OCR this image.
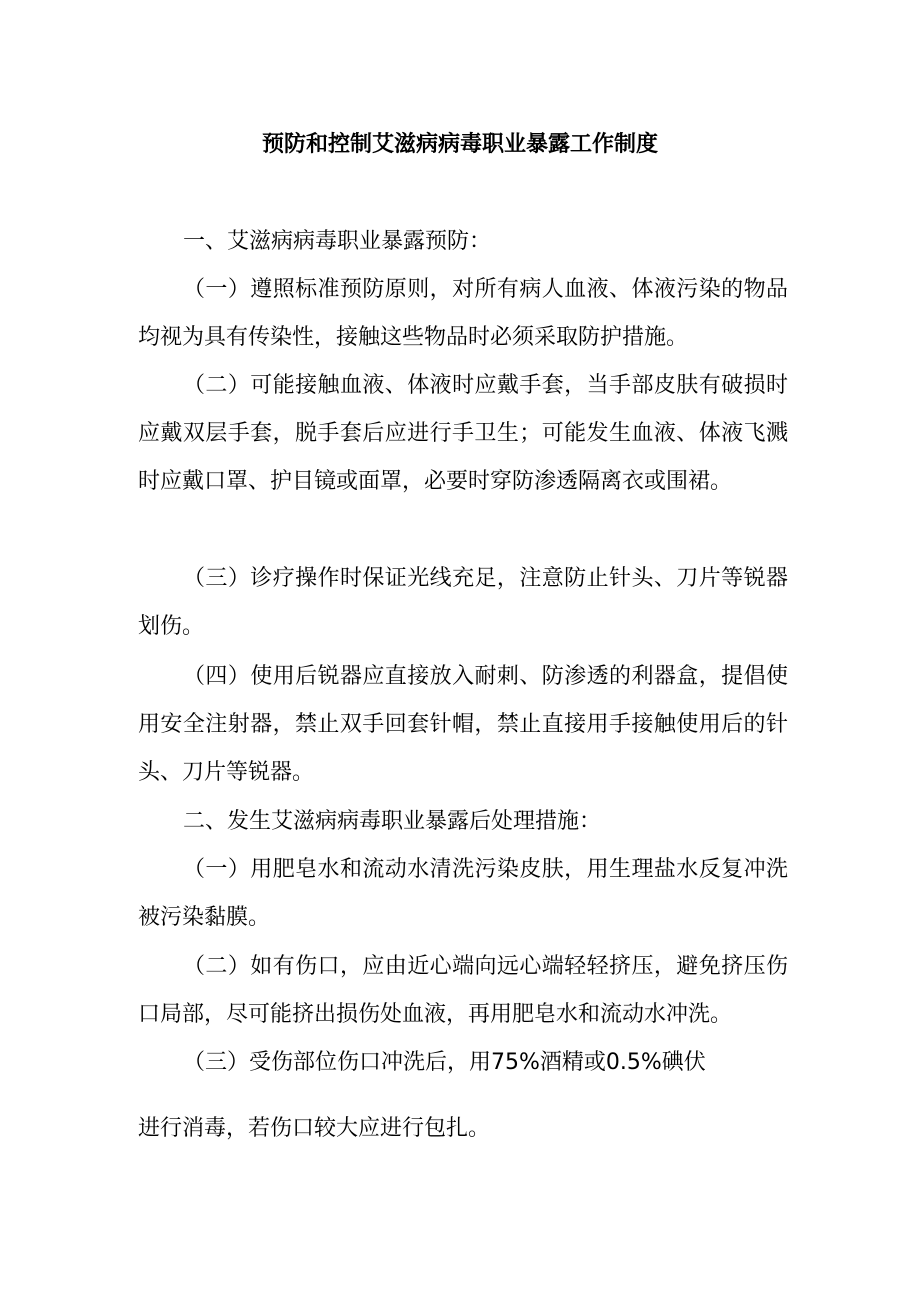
预防和控制艾滋病病毒职业暴露工作制度

一、艾滋病病毒职业暴露预防：

（一）遵照标准预防原则，对所有病人血液、体液污染的物品均视为具有传染性，接触这些物品时必须采取防护措施。

（二）可能接触血液、体液时应戴手套，当手部皮肤有破损时应戴双层手套，脱手套后应进行手卫生；可能发生血液、体液飞溅时应戴口罩、护目镜或面罩，必要时穿防渗透隔离衣或围裙。

（三）诊疗操作时保证光线充足，注意防止针头、刀片等锐器划伤。

（四）使用后锐器应直接放入耐刺、防渗透的利器盒，提倡使用安全注射器，禁止双手回套针帽，禁止直接用手接触使用后的针头、刀片等锐器。

二、发生艾滋病病毒职业暴露后处理措施：

（一）用肥皂水和流动水清洗污染皮肤，用生理盐水反复冲洗被污染黏膜。

（二）如有伤口，应由近心端向远心端轻轻挤压，避免挤压伤口局部，尽可能挤出损伤处血液，再用肥皂水和流动水冲洗。

（三）受伤部位伤口冲洗后，用75%酒精或0.5%碘伏

进行消毒，若伤口较大应进行包扎。
